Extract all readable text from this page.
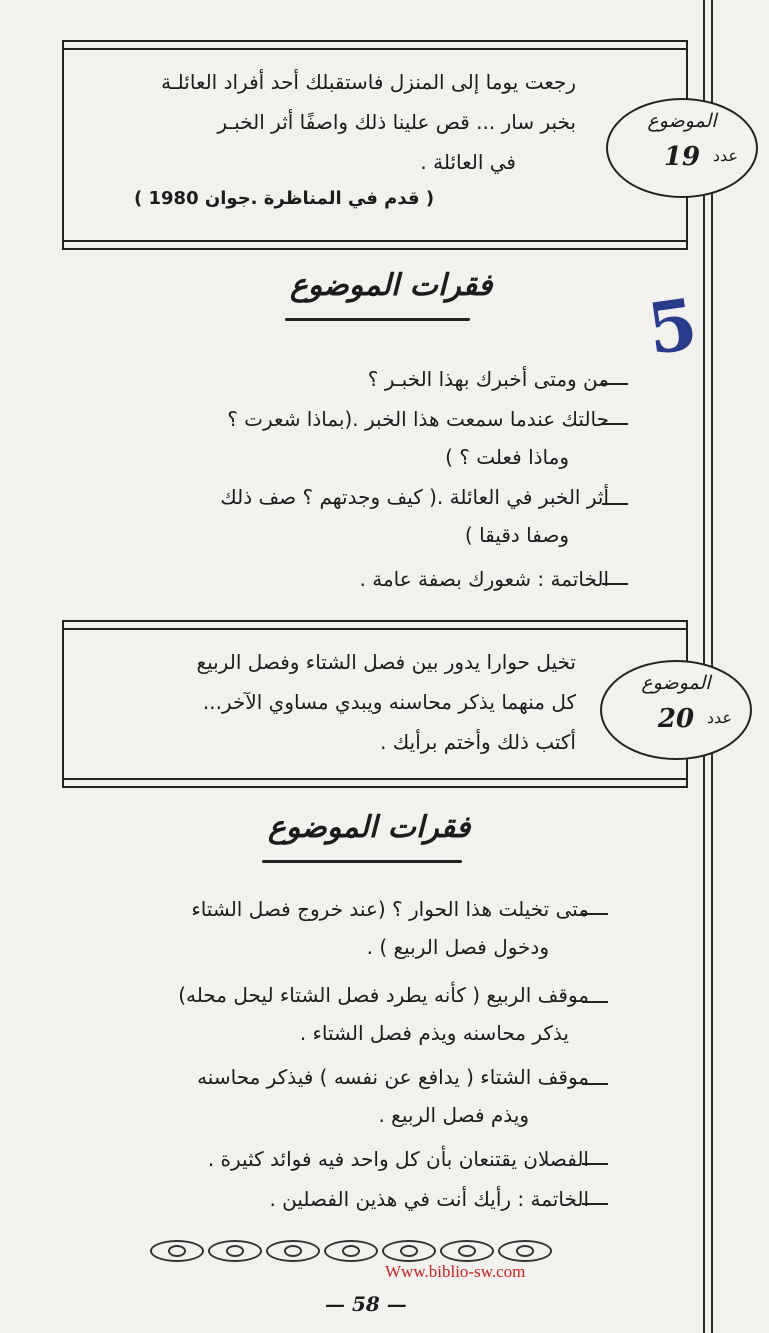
رجعت يوما إلى المنزل فاستقبلك أحد أفراد العائلـة
بخبر سار ... قص علينا ذلك واصفًا أثر الخبـر
في العائلة .
( قدم في المناظرة .جوان 1980 )
الموضوع
19 عدد
5
فقرات الموضوع
من ومتى أخبرك بهذا الخبـر ؟
حالتك عندما سمعت هذا الخبر .(بماذا شعرت ؟
وماذا فعلت ؟ )
أثر الخبر في العائلة .( كيف وجدتهم ؟ صف ذلك
وصفا دقيقا )
الخاتمة : شعورك بصفة عامة .
تخيل حوارا يدور بين فصل الشتاء وفصل الربيع
كل منهما يذكر محاسنه ويبدي مساوي الآخر...
أكتب ذلك وأختم برأيك .
الموضوع
20 عدد
فقرات الموضوع
متى تخيلت هذا الحوار ؟ (عند خروج فصل الشتاء
ودخول فصل الربيع ) .
موقف الربيع ( كأنه يطرد فصل الشتاء ليحل محله)
يذكر محاسنه ويذم فصل الشتاء .
موقف الشتاء ( يدافع عن نفسه ) فيذكر محاسنه
ويذم فصل الربيع .
الفصلان يقتنعان بأن كل واحد فيه فوائد كثيرة .
الخاتمة : رأيك أنت في هذين الفصلين .
Www.biblio-sw.com
— 58 —
